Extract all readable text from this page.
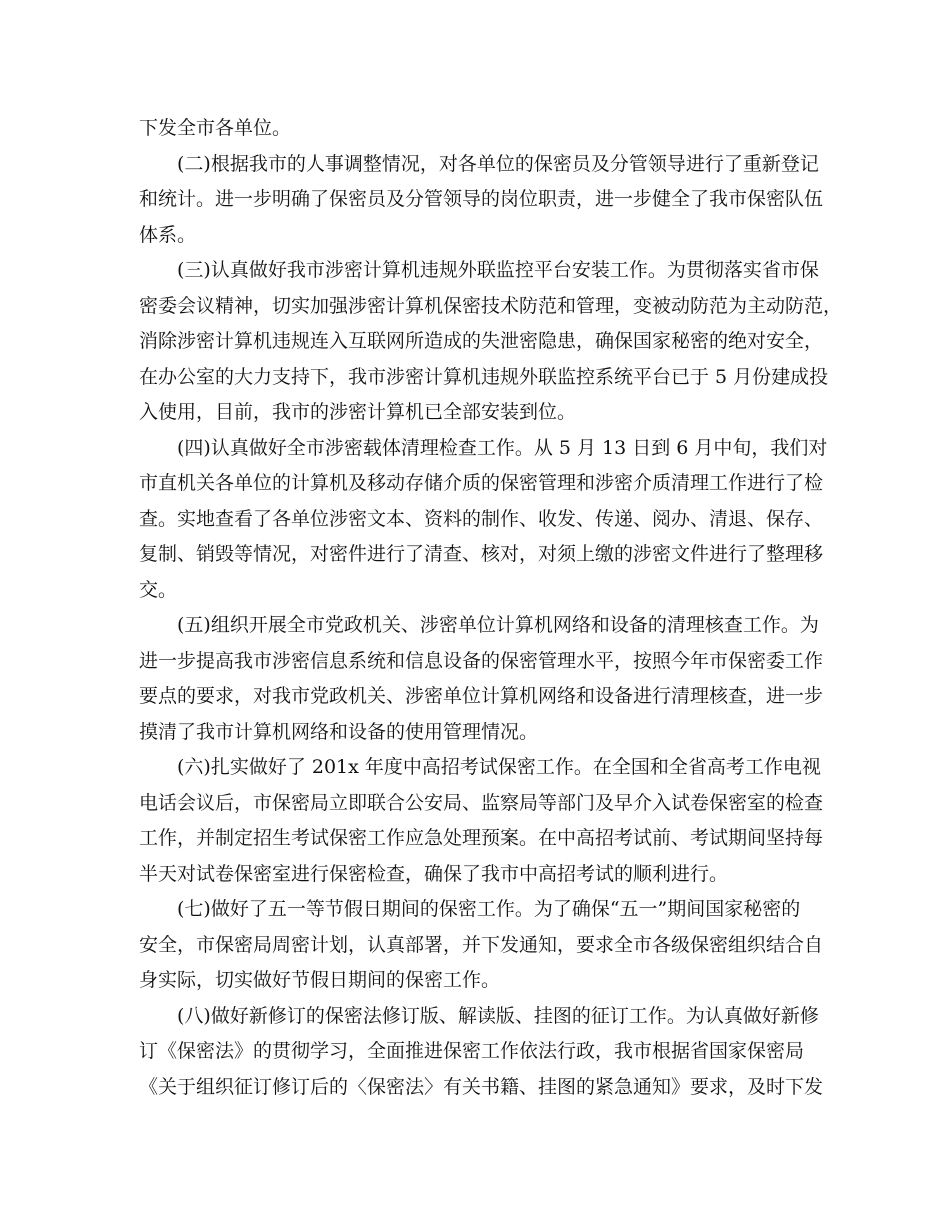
下发全市各单位。
(二)根据我市的人事调整情况，对各单位的保密员及分管领导进行了重新登记
和统计。进一步明确了保密员及分管领导的岗位职责，进一步健全了我市保密队伍
体系。
(三)认真做好我市涉密计算机违规外联监控平台安装工作。为贯彻落实省市保
密委会议精神，切实加强涉密计算机保密技术防范和管理，变被动防范为主动防范，
消除涉密计算机违规连入互联网所造成的失泄密隐患，确保国家秘密的绝对安全，
在办公室的大力支持下，我市涉密计算机违规外联监控系统平台已于 5 月份建成投
入使用，目前，我市的涉密计算机已全部安装到位。
(四)认真做好全市涉密载体清理检查工作。从 5 月 13 日到 6 月中旬，我们对
市直机关各单位的计算机及移动存储介质的保密管理和涉密介质清理工作进行了检
查。实地查看了各单位涉密文本、资料的制作、收发、传递、阅办、清退、保存、
复制、销毁等情况，对密件进行了清查、核对，对须上缴的涉密文件进行了整理移
交。
(五)组织开展全市党政机关、涉密单位计算机网络和设备的清理核查工作。为
进一步提高我市涉密信息系统和信息设备的保密管理水平，按照今年市保密委工作
要点的要求，对我市党政机关、涉密单位计算机网络和设备进行清理核查，进一步
摸清了我市计算机网络和设备的使用管理情况。
(六)扎实做好了 201x 年度中高招考试保密工作。在全国和全省高考工作电视
电话会议后，市保密局立即联合公安局、监察局等部门及早介入试卷保密室的检查
工作，并制定招生考试保密工作应急处理预案。在中高招考试前、考试期间坚持每
半天对试卷保密室进行保密检查，确保了我市中高招考试的顺利进行。
(七)做好了五一等节假日期间的保密工作。为了确保“五一”期间国家秘密的
安全，市保密局周密计划，认真部署，并下发通知，要求全市各级保密组织结合自
身实际，切实做好节假日期间的保密工作。
(八)做好新修订的保密法修订版、解读版、挂图的征订工作。为认真做好新修
订《保密法》的贯彻学习，全面推进保密工作依法行政，我市根据省国家保密局
《关于组织征订修订后的〈保密法〉有关书籍、挂图的紧急通知》要求，及时下发
